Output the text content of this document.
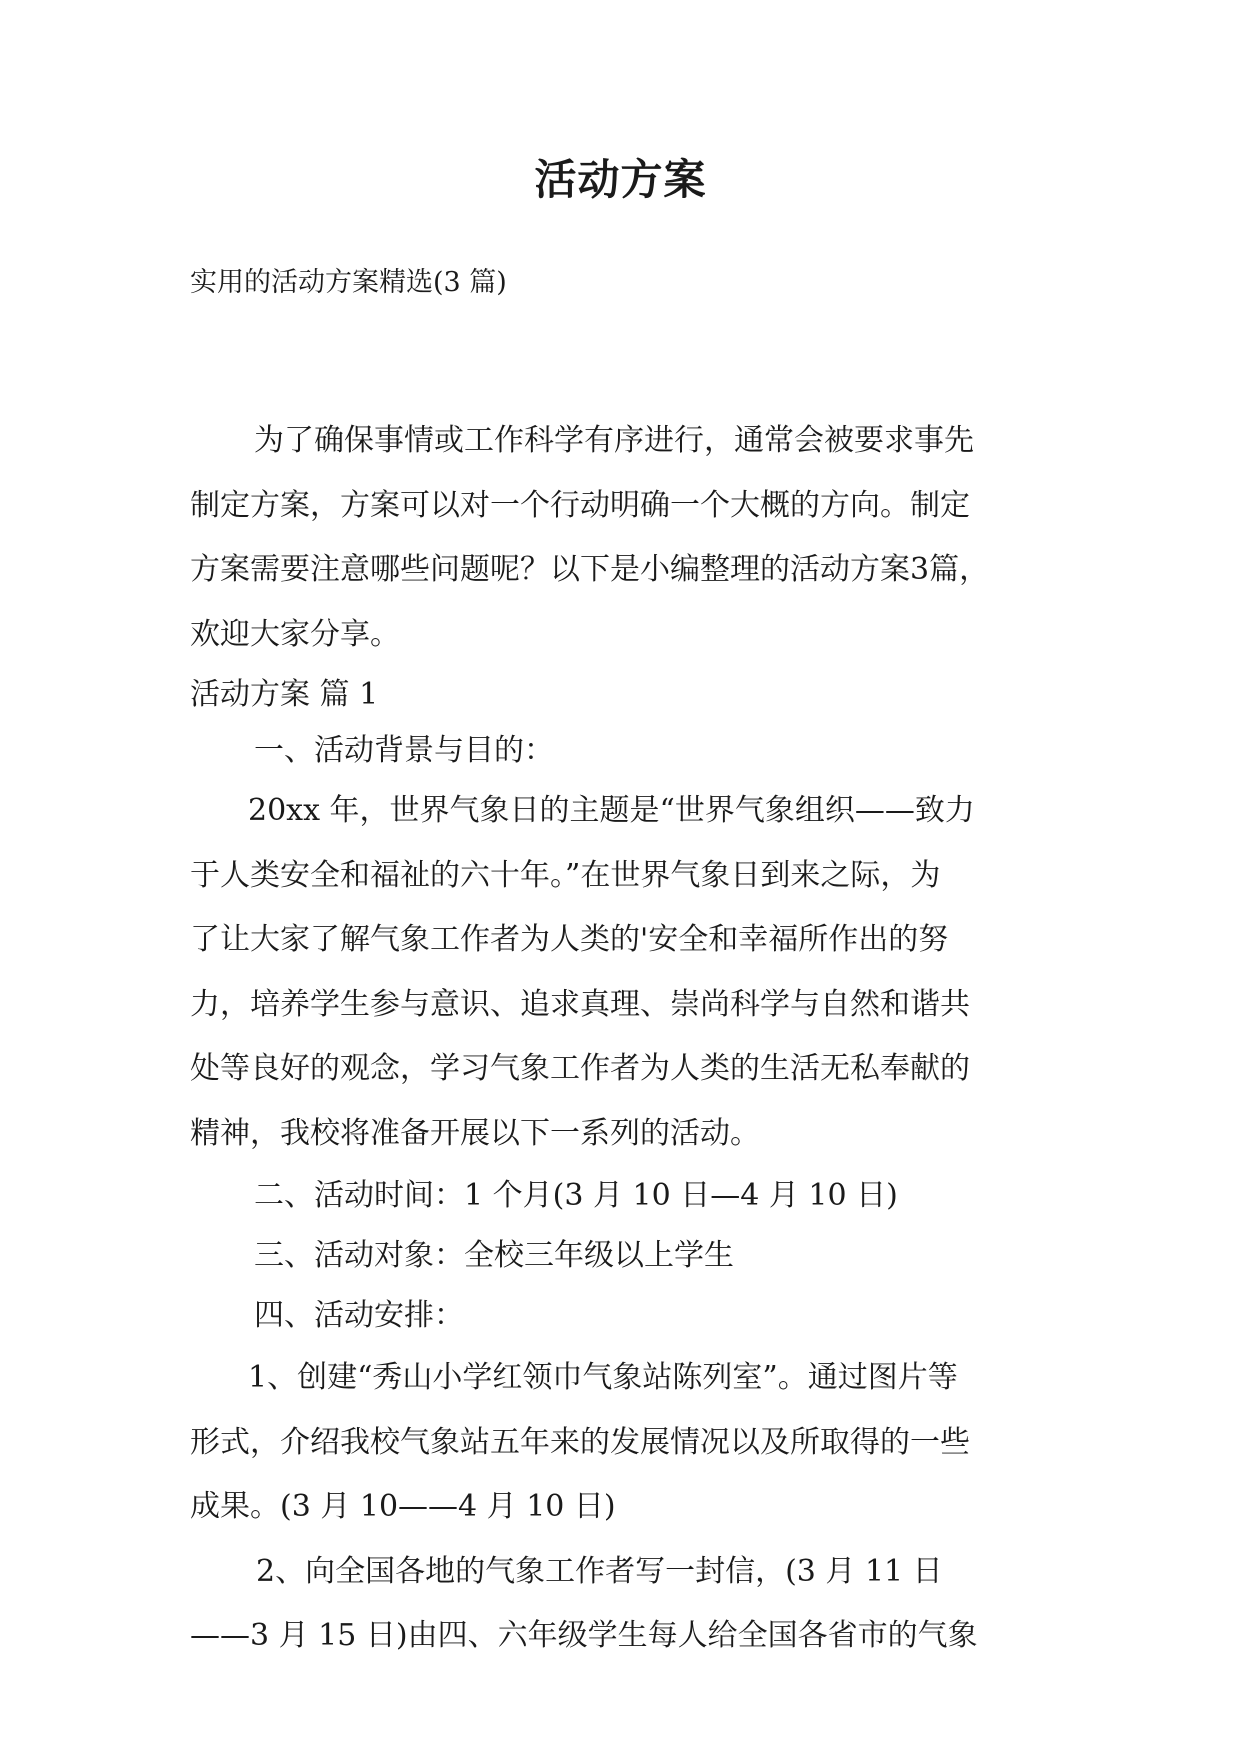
活动方案

实用的活动方案精选(3 篇)

为了确保事情或工作科学有序进行，通常会被要求事先
制定方案，方案可以对一个行动明确一个大概的方向。制定
方案需要注意哪些问题呢？以下是小编整理的活动方案3篇，
欢迎大家分享。
活动方案 篇 1
一、活动背景与目的：
20xx 年，世界气象日的主题是“世界气象组织——致力
于人类安全和福祉的六十年。”在世界气象日到来之际，为
了让大家了解气象工作者为人类的'安全和幸福所作出的努
力，培养学生参与意识、追求真理、崇尚科学与自然和谐共
处等良好的观念，学习气象工作者为人类的生活无私奉献的
精神，我校将准备开展以下一系列的活动。
二、活动时间：1 个月(3 月 10 日—4 月 10 日)
三、活动对象：全校三年级以上学生
四、活动安排：
1、创建“秀山小学红领巾气象站陈列室”。通过图片等
形式，介绍我校气象站五年来的发展情况以及所取得的一些
成果。(3 月 10——4 月 10 日)
2、向全国各地的气象工作者写一封信，(3 月 11 日
——3 月 15 日)由四、六年级学生每人给全国各省市的气象
